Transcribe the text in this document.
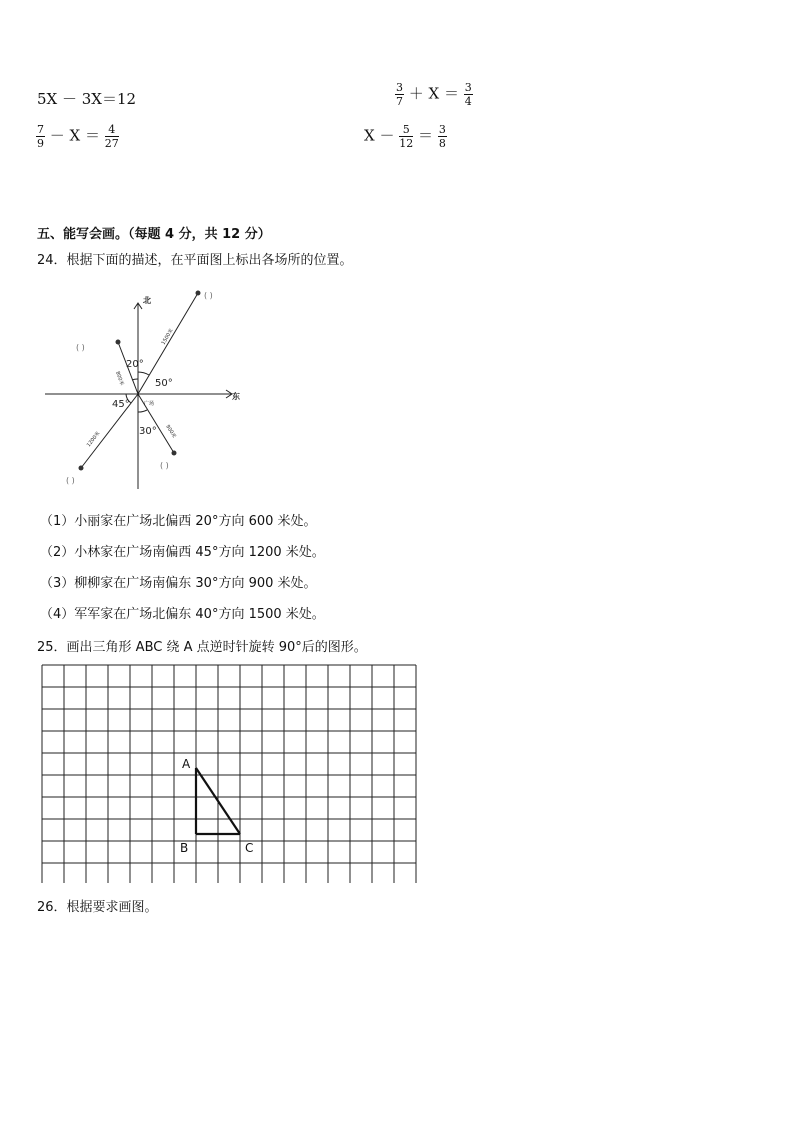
5X － 3X＝12	$\frac{3}{7} + X = \frac{3}{4}$
$\frac{7}{9} - X = \frac{4}{27}$	$X - \frac{5}{12} = \frac{3}{8}$
五、能写会画。（每题 4 分，共 12 分）
24．根据下面的描述，在平面图上标出各场所的位置。
北
东
20°
50°
45°
30°
广场
1500米
800米
1200米	900米
( )
( )
( )
( )
（1）小丽家在广场北偏西 20°方向 600 米处。
（2）小林家在广场南偏西 45°方向 1200 米处。
（3）柳柳家在广场南偏东 30°方向 900 米处。
（4）军军家在广场北偏东 40°方向 1500 米处。
25．画出三角形 ABC 绕 A 点逆时针旋转 90°后的图形。
A
B	C
26．根据要求画图。
